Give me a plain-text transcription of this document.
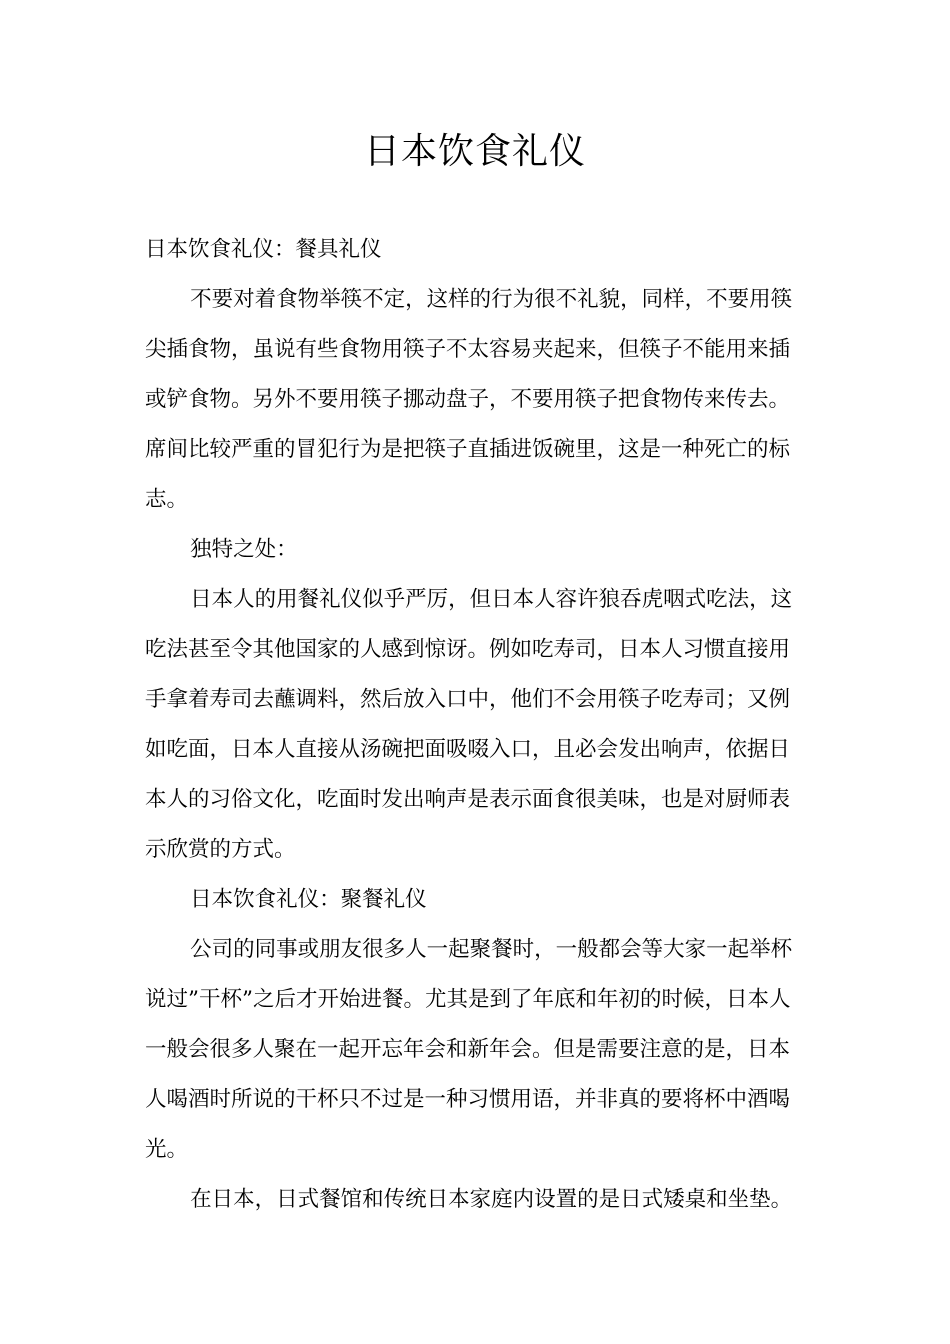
日本饮食礼仪

日本饮食礼仪：餐具礼仪

不要对着食物举筷不定，这样的行为很不礼貌，同样，不要用筷尖插食物，虽说有些食物用筷子不太容易夹起来，但筷子不能用来插或铲食物。另外不要用筷子挪动盘子，不要用筷子把食物传来传去。席间比较严重的冒犯行为是把筷子直插进饭碗里，这是一种死亡的标志。

独特之处：

日本人的用餐礼仪似乎严厉，但日本人容许狼吞虎咽式吃法，这吃法甚至令其他国家的人感到惊讶。例如吃寿司，日本人习惯直接用手拿着寿司去蘸调料，然后放入口中，他们不会用筷子吃寿司；又例如吃面，日本人直接从汤碗把面吸啜入口，且必会发出响声，依据日本人的习俗文化，吃面时发出响声是表示面食很美味，也是对厨师表示欣赏的方式。

日本饮食礼仪：聚餐礼仪

公司的同事或朋友很多人一起聚餐时，一般都会等大家一起举杯说过”干杯”之后才开始进餐。尤其是到了年底和年初的时候，日本人一般会很多人聚在一起开忘年会和新年会。但是需要注意的是，日本人喝酒时所说的干杯只不过是一种习惯用语，并非真的要将杯中酒喝光。

在日本，日式餐馆和传统日本家庭内设置的是日式矮桌和坐垫。
